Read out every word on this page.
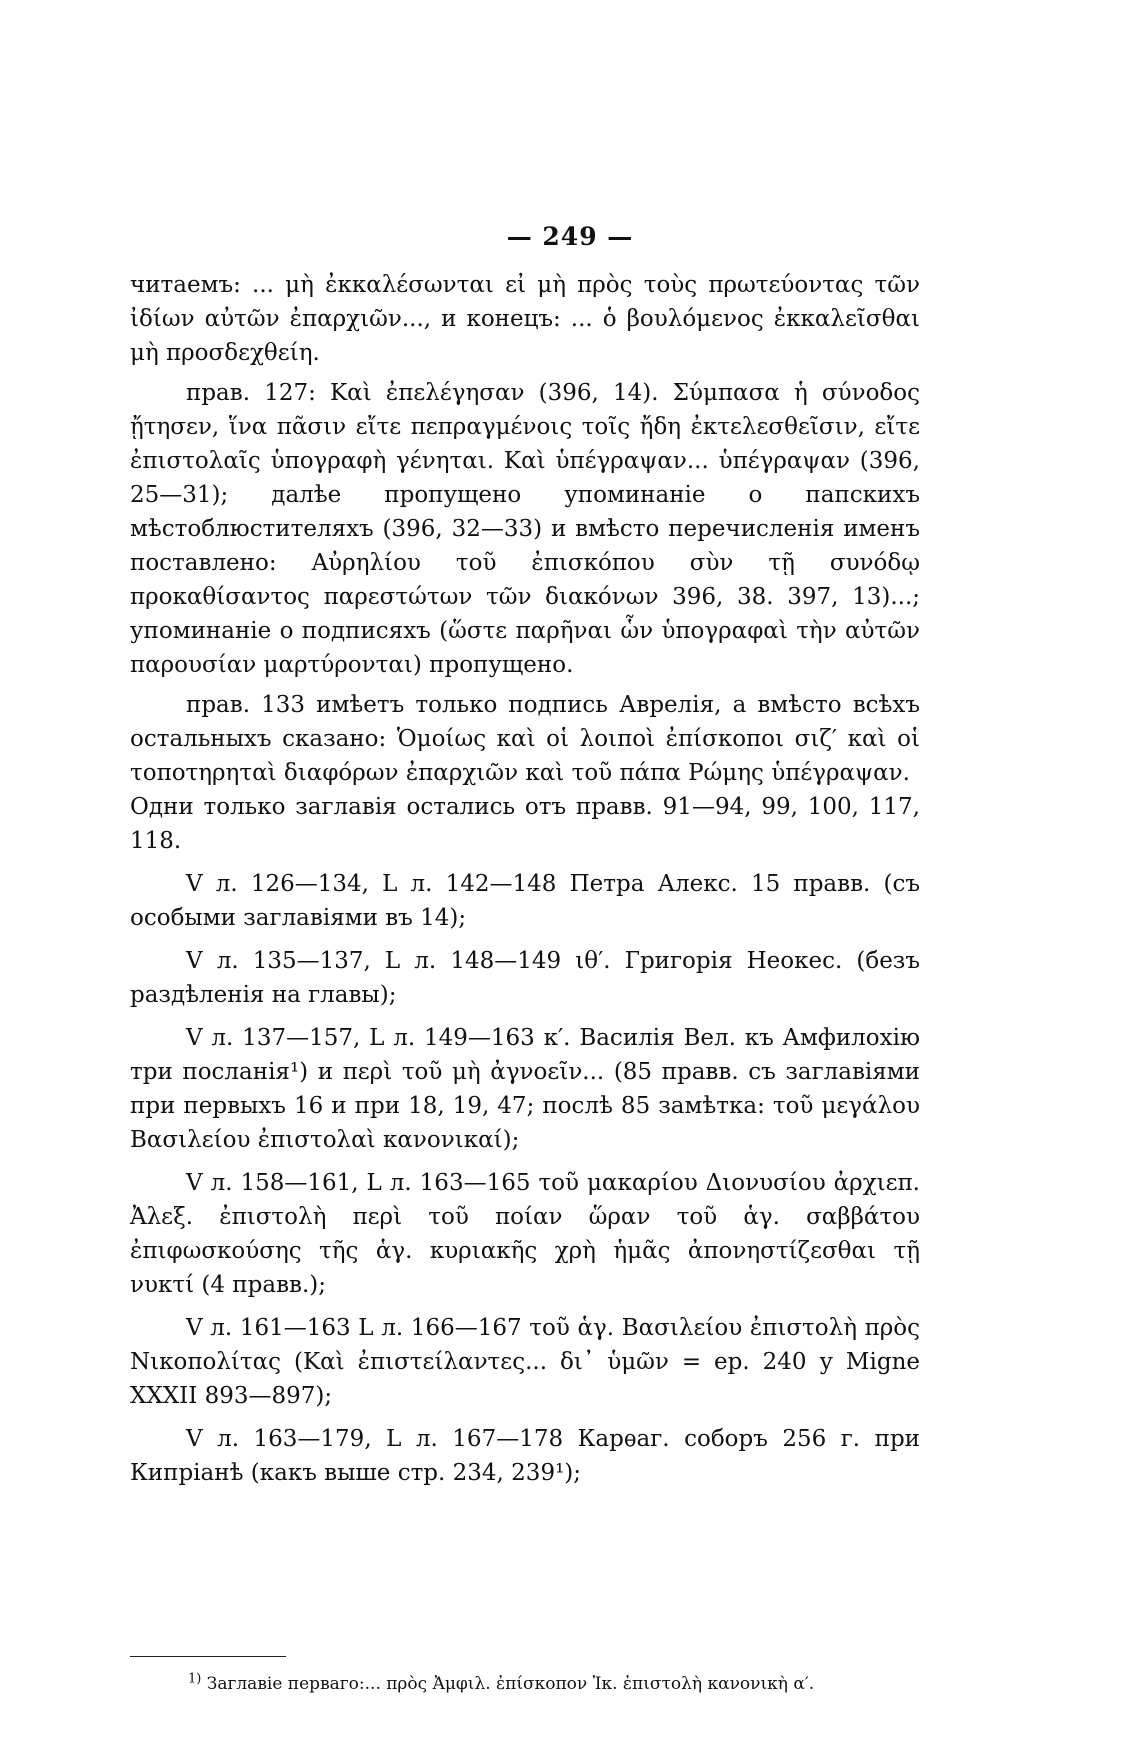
— 249 —

читаемъ: ... μὴ ἐκκαλέσωνται εἰ μὴ πρὸς τοὺς πρωτεύοντας τῶν ἰδίων αὐτῶν ἐπαρχιῶν..., и конецъ: ... ὁ βουλόμενος ἐκκαλεῖσθαι μὴ προσδεχθείη.

прав. 127: Καὶ ἐπελέγησαν (396, 14). Σύμπασα ἡ σύνοδος ᾔτησεν, ἵνα πᾶσιν εἴτε πεπραγμένοις τοῖς ἤδη ἐκτελεσθεῖσιν, εἴτε ἐπιστολαῖς ὑπογραφὴ γένηται. Καὶ ὑπέγραψαν... ὑπέγραψαν (396, 25—31); далѣе пропущено упоминаніе о папскихъ мѣстоблюстителяхъ (396, 32—33) и вмѣсто перечисленія именъ поставлено: Αὐρηλίου τοῦ ἐπισκόπου σὺν τῇ συνόδῳ προκαθίσαντος παρεστώτων τῶν διακόνων 396, 38. 397, 13)...; упоминаніе о подписяхъ (ὥστε παρῆναι ὧν ὑπογραφαὶ τὴν αὐτῶν παρουσίαν μαρτύρονται) пропущено.

прав. 133 имѣетъ только подпись Аврелія, а вмѣсто всѣхъ остальныхъ сказано: Ὁμοίως καὶ οἱ λοιποὶ ἐπίσκοποι σιζ′ καὶ οἱ τοποτηρηταὶ διαφόρων ἐπαρχιῶν καὶ τοῦ πάπα Ρώμης ὑπέγραψαν.

Одни только заглавія остались отъ правв. 91—94, 99, 100, 117, 118.

V л. 126—134, L л. 142—148 Петра Алекс. 15 правв. (съ особыми заглавіями въ 14);

V л. 135—137, L л. 148—149 ιθ′. Григорія Неокес. (безъ раздѣленія на главы);

V л. 137—157, L л. 149—163 κ′. Василія Вел. къ Амфилохію три посланія¹) и περὶ τοῦ μὴ ἀγνοεῖν... (85 правв. съ заглавіями при первыхъ 16 и при 18, 19, 47; послѣ 85 замѣтка: τοῦ μεγάλου Βασιλείου ἐπιστολαὶ κανονικαί);

V л. 158—161, L л. 163—165 τοῦ μακαρίου Διονυσίου ἀρχιεπ. Ἀλεξ. ἐπιστολὴ περὶ τοῦ ποίαν ὥραν τοῦ ἁγ. σαββάτου ἐπιφωσκούσης τῆς ἁγ. κυριακῆς χρὴ ἡμᾶς ἀπονηστίζεσθαι τῇ νυκτί (4 правв.);

V л. 161—163 L л. 166—167 τοῦ ἁγ. Βασιλείου ἐπιστολὴ πρὸς Νικοπολίτας (Καὶ ἐπιστείλαντες... δι᾽ ὑμῶν = ер. 240 у Migne XXXII 893—897);

V л. 163—179, L л. 167—178 Карѳаг. соборъ 256 г. при Кипріанѣ (какъ выше стр. 234, 239¹);

$^{1)}$ Заглавіе перваго:... πρὸς Ἀμφιλ. ἐπίσκοπον Ἰκ. ἐπιστολὴ κανονικὴ α′.
